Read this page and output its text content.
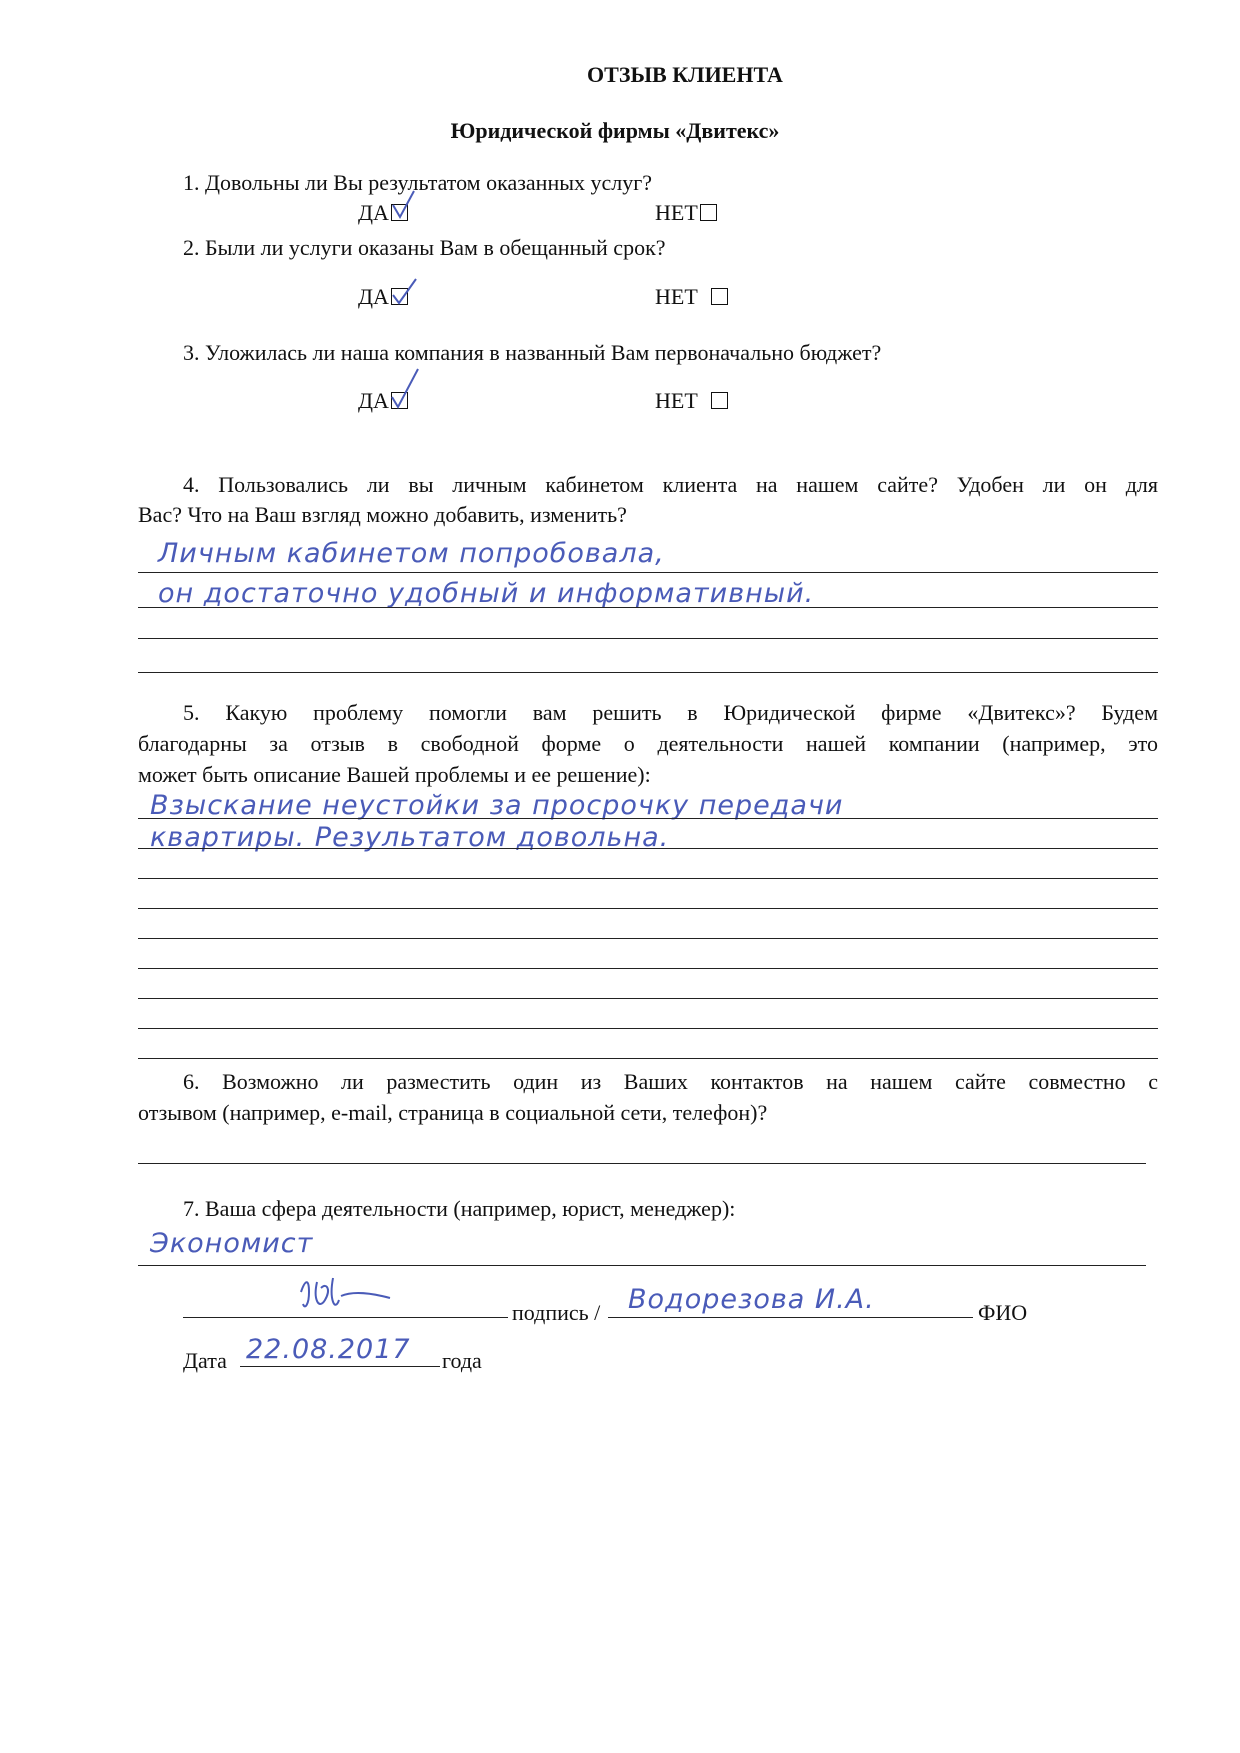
ОТЗЫВ КЛИЕНТА
Юридической фирмы «Двитекс»
1. Довольны ли Вы результатом оказанных услуг?
ДА	НЕТ
2. Были ли услуги оказаны Вам в обещанный срок?
ДА	НЕТ
3. Уложилась ли наша компания в названный Вам первоначально бюджет?
ДА	НЕТ
4. Пользовались ли вы личным кабинетом клиента на нашем сайте? Удобен ли он для
Вас? Что на Ваш взгляд можно добавить, изменить?
Личным кабинетом попробовала,
он достаточно удобный и информативный.
5. Какую проблему помогли вам решить в Юридической фирме «Двитекс»? Будем
благодарны за отзыв в свободной форме о деятельности нашей компании (например, это
может быть описание Вашей проблемы и ее решение):
Взыскание неустойки за просрочку передачи
квартиры. Результатом довольна.
6. Возможно ли разместить один из Ваших контактов на нашем сайте совместно с
отзывом (например, e-mail, страница в социальной сети, телефон)?
7. Ваша сфера деятельности (например, юрист, менеджер):
Экономист
подпись / Водорезова И.А.	ФИО
Дата 22.08.2017 года
